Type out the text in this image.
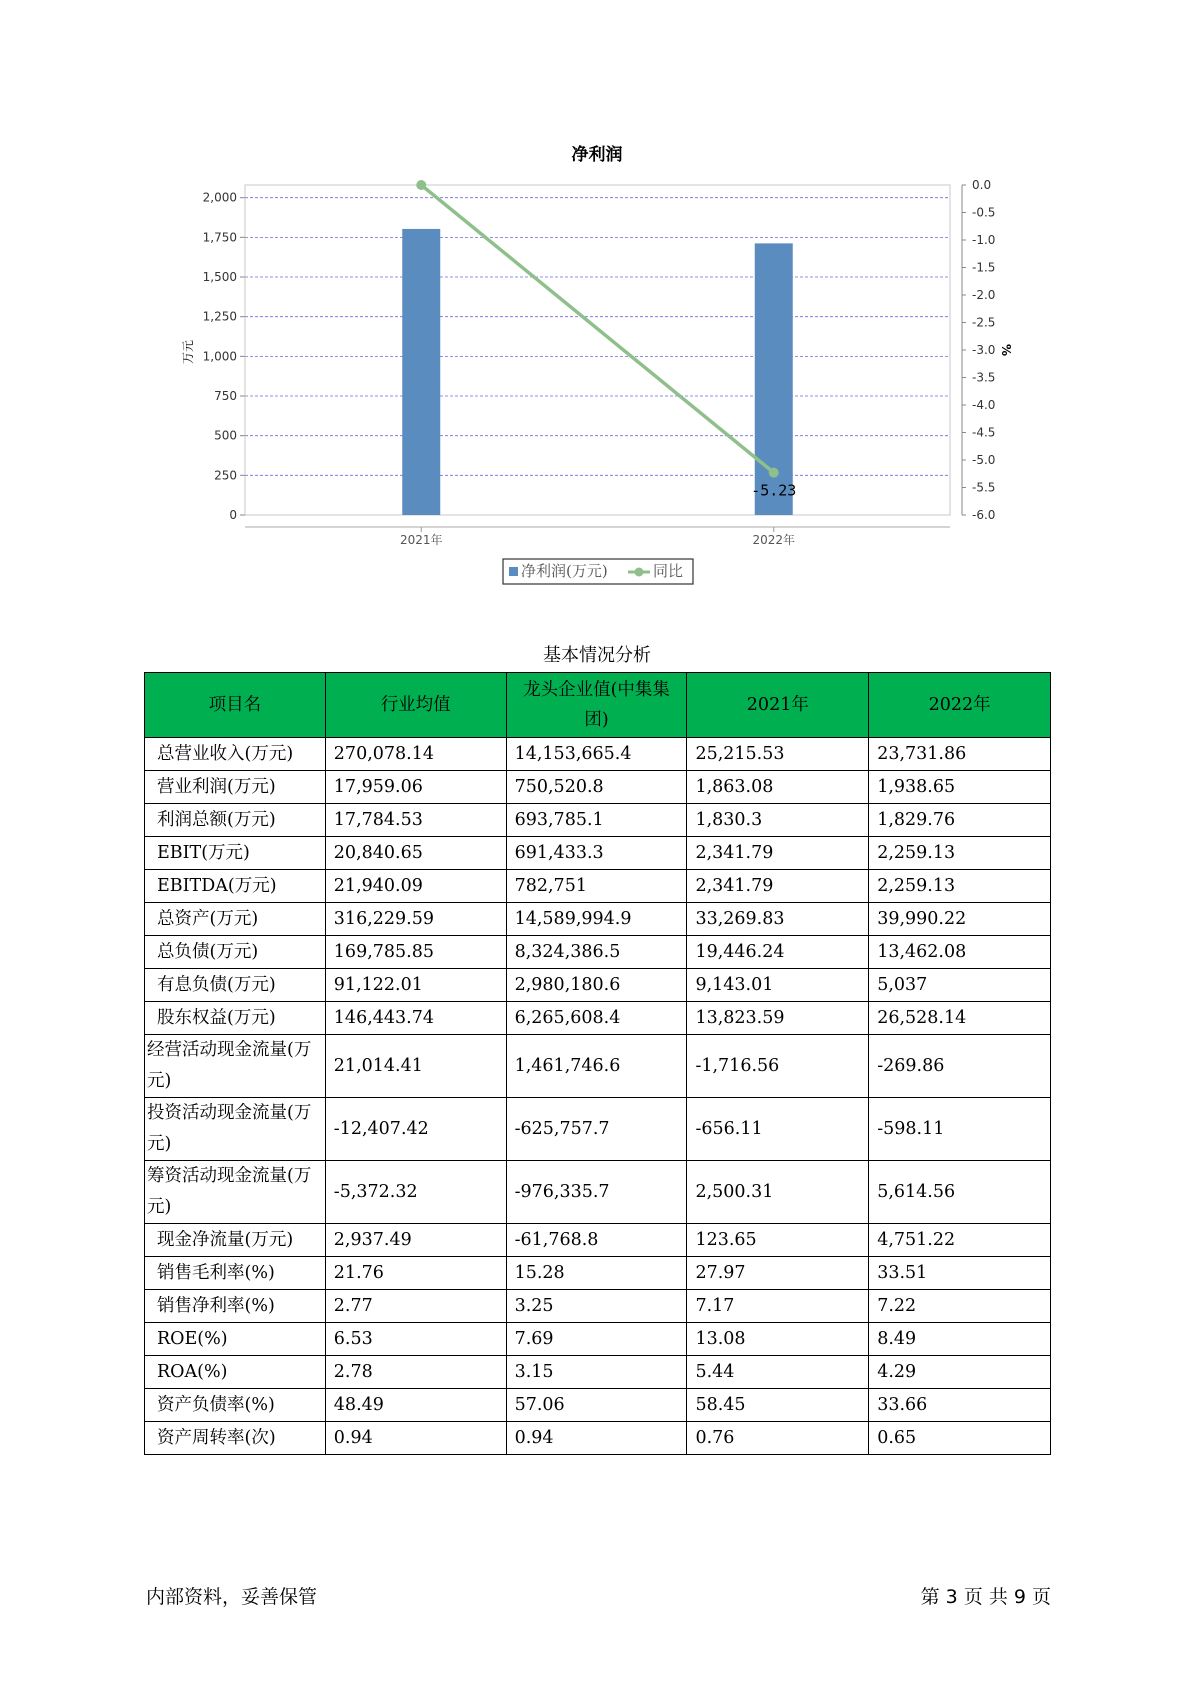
净利润
0
250
500
750
1,000
1,250
1,500
1,750
2,000
0.0
-0.5
-1.0
-1.5
-2.0
-2.5
-3.0
-3.5
-4.0
-4.5
-5.0
-5.5
-6.0
-5.23
2021年	2022年
万元	%
净利润(万元)	同比
基本情况分析
项目名	行业均值	龙头企业值(中集集团)	2021年	2022年
总营业收入(万元)	270,078.14	14,153,665.4	25,215.53	23,731.86
营业利润(万元)	17,959.06	750,520.8	1,863.08	1,938.65
利润总额(万元)	17,784.53	693,785.1	1,830.3	1,829.76
EBIT(万元)	20,840.65	691,433.3	2,341.79	2,259.13
EBITDA(万元)	21,940.09	782,751	2,341.79	2,259.13
总资产(万元)	316,229.59	14,589,994.9	33,269.83	39,990.22
总负债(万元)	169,785.85	8,324,386.5	19,446.24	13,462.08
有息负债(万元)	91,122.01	2,980,180.6	9,143.01	5,037
股东权益(万元)	146,443.74	6,265,608.4	13,823.59	26,528.14
经营活动现金流量(万元)	21,014.41	1,461,746.6	-1,716.56	-269.86
投资活动现金流量(万元)	-12,407.42	-625,757.7	-656.11	-598.11
筹资活动现金流量(万元)	-5,372.32	-976,335.7	2,500.31	5,614.56
现金净流量(万元)	2,937.49	-61,768.8	123.65	4,751.22
销售毛利率(%)	21.76	15.28	27.97	33.51
销售净利率(%)	2.77	3.25	7.17	7.22
ROE(%)	6.53	7.69	13.08	8.49
ROA(%)	2.78	3.15	5.44	4.29
资产负债率(%)	48.49	57.06	58.45	33.66
资产周转率(次)	0.94	0.94	0.76	0.65
内部资料，妥善保管	第 3 页 共 9 页
